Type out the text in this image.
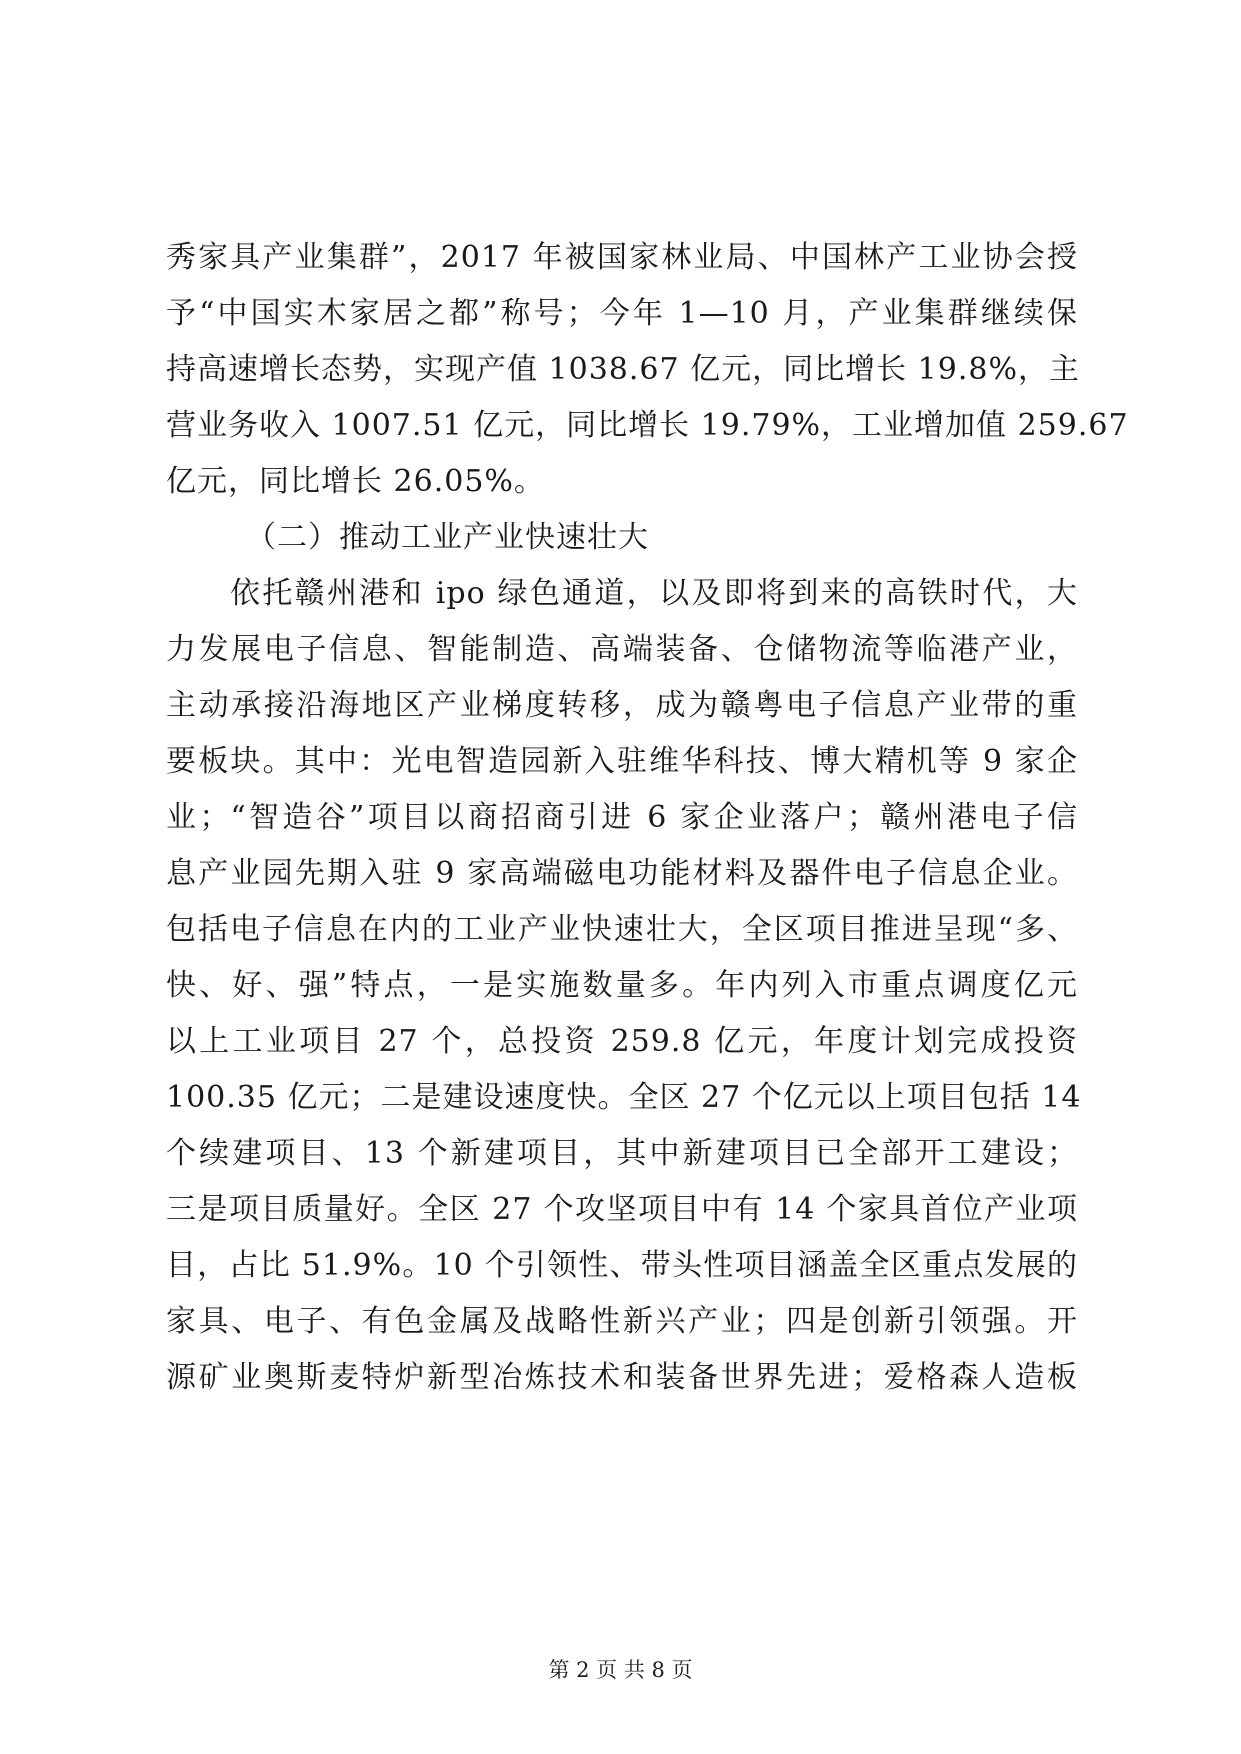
秀家具产业集群”，2017 年被国家林业局、中国林产工业协会授
予“中国实木家居之都”称号；今年 1—10 月，产业集群继续保
持高速增长态势，实现产值 1038.67 亿元，同比增长 19.8%，主
营业务收入 1007.51 亿元，同比增长 19.79%，工业增加值 259.67
亿元，同比增长 26.05%。
（二）推动工业产业快速壮大
依托赣州港和 ipo 绿色通道，以及即将到来的高铁时代，大
力发展电子信息、智能制造、高端装备、仓储物流等临港产业，
主动承接沿海地区产业梯度转移，成为赣粤电子信息产业带的重
要板块。其中：光电智造园新入驻维华科技、博大精机等 9 家企
业；“智造谷”项目以商招商引进 6 家企业落户；赣州港电子信
息产业园先期入驻 9 家高端磁电功能材料及器件电子信息企业。
包括电子信息在内的工业产业快速壮大，全区项目推进呈现“多、
快、好、强”特点，一是实施数量多。年内列入市重点调度亿元
以上工业项目 27 个，总投资 259.8 亿元，年度计划完成投资
100.35 亿元；二是建设速度快。全区 27 个亿元以上项目包括 14
个续建项目、13 个新建项目，其中新建项目已全部开工建设；
三是项目质量好。全区 27 个攻坚项目中有 14 个家具首位产业项
目，占比 51.9%。10 个引领性、带头性项目涵盖全区重点发展的
家具、电子、有色金属及战略性新兴产业；四是创新引领强。开
源矿业奥斯麦特炉新型冶炼技术和装备世界先进；爱格森人造板
第 2 页 共 8 页
